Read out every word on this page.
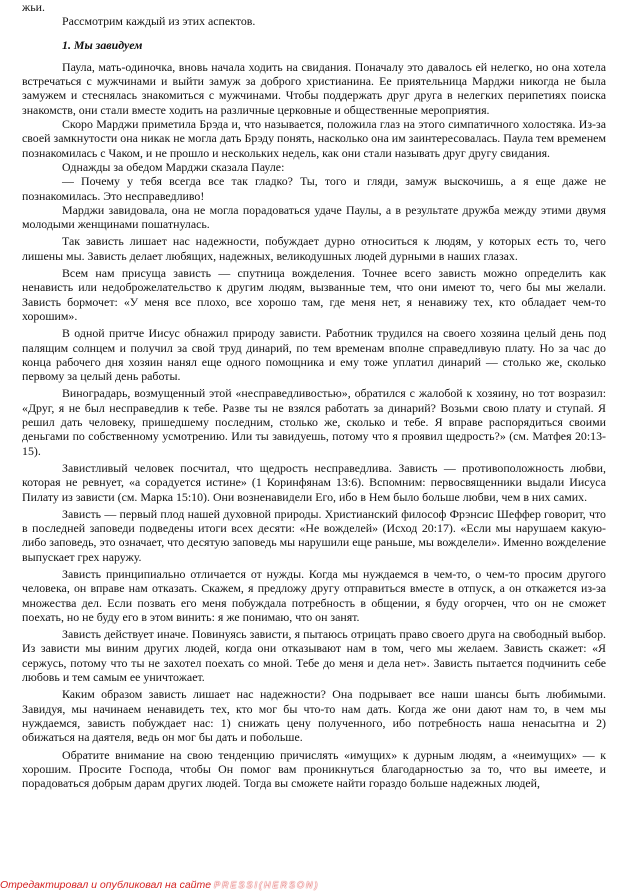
жьи.

Рассмотрим каждый из этих аспектов.

1. Мы завидуем

Паула, мать-одиночка, вновь начала ходить на свидания. Поначалу это давалось ей нелегко, но она хотела встречаться с мужчинами и выйти замуж за доброго христианина. Ее приятельница Марджи никогда не была замужем и стеснялась знакомиться с мужчинами. Чтобы поддержать друг друга в нелегких перипетиях поиска знакомств, они стали вместе ходить на различные церковные и общественные мероприятия.

Скоро Марджи приметила Брэда и, что называется, положила глаз на этого симпатичного холостяка. Из-за своей замкнутости она никак не могла дать Брэду понять, насколько она им заинтересовалась. Паула тем временем познакомилась с Чаком, и не прошло и нескольких недель, как они стали называть друг другу свидания.

Однажды за обедом Марджи сказала Пауле:

— Почему у тебя всегда все так гладко? Ты, того и гляди, замуж выскочишь, а я еще даже не познакомилась. Это несправедливо!

Марджи завидовала, она не могла порадоваться удаче Паулы, а в результате дружба между этими двумя молодыми женщинами пошатнулась.

Так зависть лишает нас надежности, побуждает дурно относиться к людям, у которых есть то, чего лишены мы. Зависть делает любящих, надежных, великодушных людей дурными в наших глазах.

Всем нам присуща зависть — спутница вожделения. Точнее всего зависть можно определить как ненависть или недоброжелательство к другим людям, вызванные тем, что они имеют то, чего бы мы желали. Зависть бормочет: «У меня все плохо, все хорошо там, где меня нет, я ненавижу тех, кто обладает чем-то хорошим».

В одной притче Иисус обнажил природу зависти. Работник трудился на своего хозяина целый день под палящим солнцем и получил за свой труд динарий, по тем временам вполне справедливую плату. Но за час до конца рабочего дня хозяин нанял еще одного помощника и ему тоже уплатил динарий — столько же, сколько первому за целый день работы.

Виноградарь, возмущенный этой «несправедливостью», обратился с жалобой к хозяину, но тот возразил: «Друг, я не был несправедлив к тебе. Разве ты не взялся работать за динарий? Возьми свою плату и ступай. Я решил дать человеку, пришедшему последним, столько же, сколько и тебе. Я вправе распорядиться своими деньгами по собственному усмотрению. Или ты завидуешь, потому что я проявил щедрость?» (см. Матфея 20:13-15).

Завистливый человек посчитал, что щедрость несправедлива. Зависть — противоположность любви, которая не ревнует, «а сорадуется истине» (1 Коринфянам 13:6). Вспомним: первосвященники выдали Иисуса Пилату из зависти (см. Марка 15:10). Они возненавидели Его, ибо в Нем было больше любви, чем в них самих.

Зависть — первый плод нашей духовной природы. Христианский философ Фрэнсис Шеффер говорит, что в последней заповеди подведены итоги всех десяти: «Не вожделей» (Исход 20:17). «Если мы нарушаем какую-либо заповедь, это означает, что десятую заповедь мы нарушили еще раньше, мы вожделели». Именно вожделение выпускает грех наружу.

Зависть принципиально отличается от нужды. Когда мы нуждаемся в чем-то, о чем-то просим другого человека, он вправе нам отказать. Скажем, я предложу другу отправиться вместе в отпуск, а он откажется из-за множества дел. Если позвать его меня побуждала потребность в общении, я буду огорчен, что он не сможет поехать, но не буду его в этом винить: я же понимаю, что он занят.

Зависть действует иначе. Повинуясь зависти, я пытаюсь отрицать право своего друга на свободный выбор. Из зависти мы виним других людей, когда они отказывают нам в том, чего мы желаем. Зависть скажет: «Я сержусь, потому что ты не захотел поехать со мной. Тебе до меня и дела нет». Зависть пытается подчинить себе любовь и тем самым ее уничтожает.

Каким образом зависть лишает нас надежности? Она подрывает все наши шансы быть любимыми. Завидуя, мы начинаем ненавидеть тех, кто мог бы что-то нам дать. Когда же они дают нам то, в чем мы нуждаемся, зависть побуждает нас: 1) снижать цену полученного, ибо потребность наша ненасытна и 2) обижаться на даятеля, ведь он мог бы дать и побольше.

Обратите внимание на свою тенденцию причислять «имущих» к дурным людям, а «неимущих» — к хорошим. Просите Господа, чтобы Он помог вам проникнуться благодарностью за то, что вы имеете, и порадоваться добрым дарам других людей. Тогда вы сможете найти гораздо больше надежных людей,

Отредактировал и опубликовал на сайте PRESSI(HERSON)
